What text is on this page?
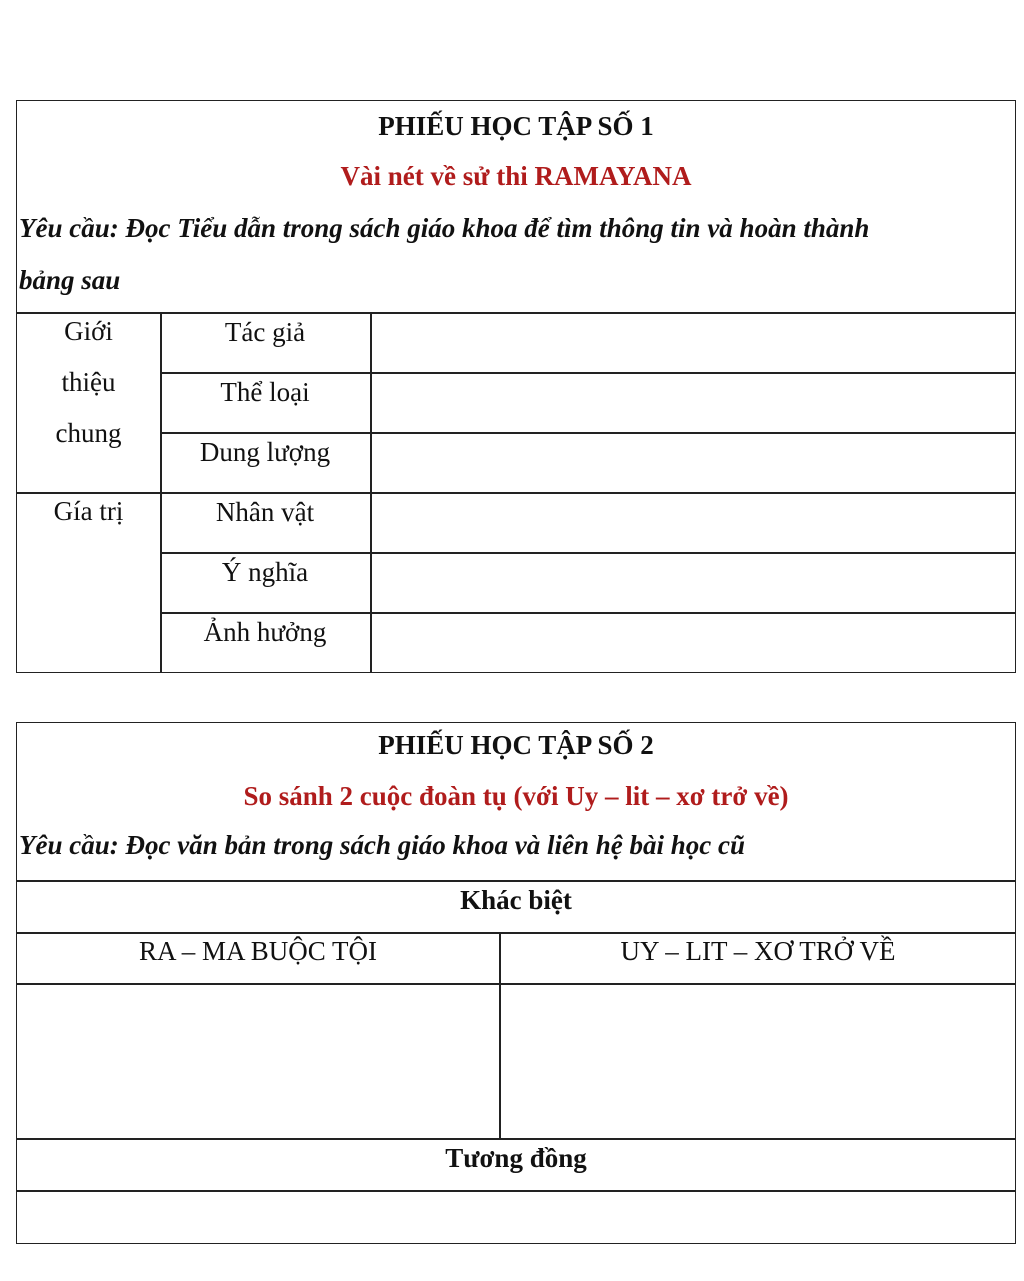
PHIẾU HỌC TẬP SỐ 1
Vài nét về sử thi RAMAYANA
Yêu cầu: Đọc Tiểu dẫn trong sách giáo khoa để tìm thông tin và hoàn thành
bảng sau
Giới
thiệu
chung
Gía trị
Tác giả
Thể loại
Dung lượng
Nhân vật
Ý nghĩa
Ảnh hưởng
PHIẾU HỌC TẬP SỐ 2
So sánh 2 cuộc đoàn tụ (với Uy – lit – xơ trở về)
Yêu cầu: Đọc văn bản trong sách giáo khoa và liên hệ bài học cũ
Khác biệt
RA – MA BUỘC TỘI	UY – LIT – XƠ TRỞ VỀ
Tương đồng
